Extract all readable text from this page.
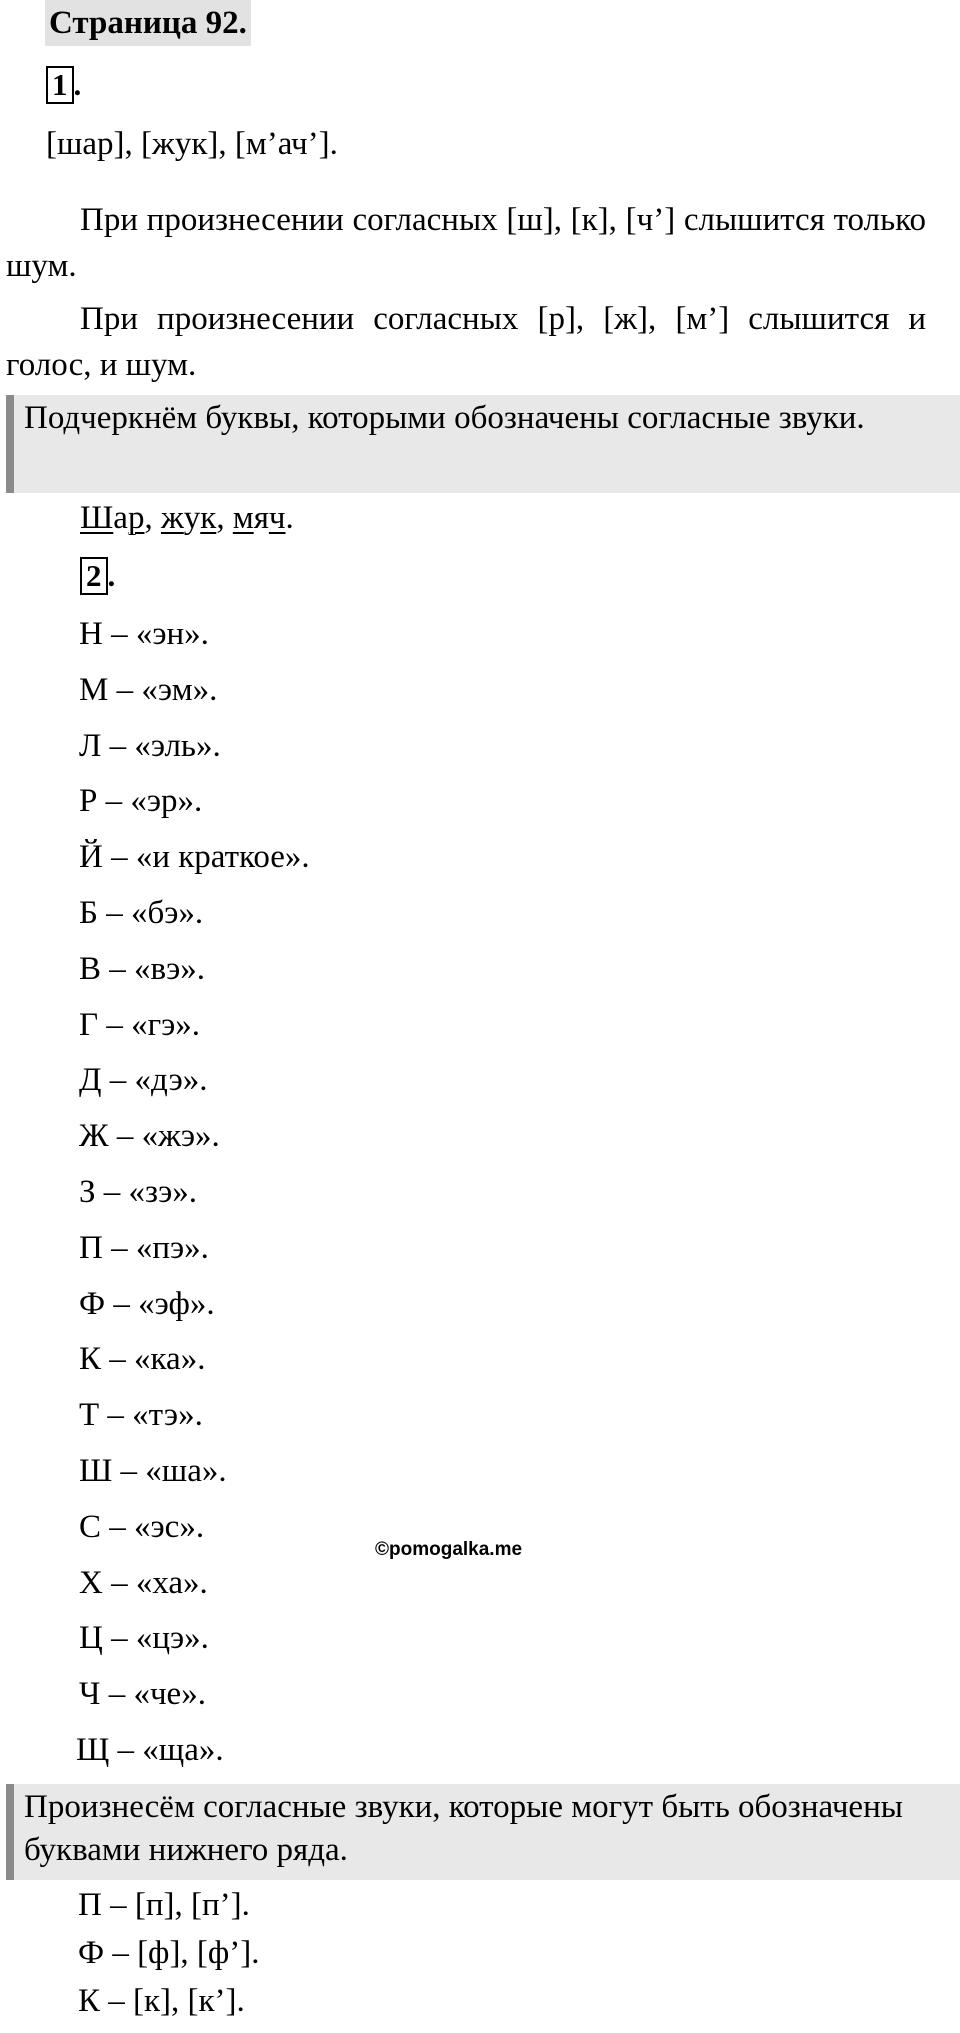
Страница 92.
1 .
[шар], [жук], [м’ач’].
При произнесении согласных [ш], [к], [ч’] слышится только шум.
При произнесении согласных [р], [ж], [м’] слышится и голос, и шум.
Подчеркнём буквы, которыми обозначены согласные звуки.
Шар, жук, мяч.
2 .
Н – «эн».
М – «эм».
Л – «эль».
Р – «эр».
Й – «и краткое».
Б – «бэ».
В – «вэ».
Г – «гэ».
Д – «дэ».
Ж – «жэ».
З – «зэ».
П – «пэ».
Ф – «эф».
К – «ка».
Т – «тэ».
Ш – «ша».
С – «эс».
Х – «ха».
Ц – «цэ».
Ч – «че».
Щ – «ща».
©pomogalka.me
Произнесём согласные звуки, которые могут быть обозначены буквами нижнего ряда.
П – [п], [п’].
Ф – [ф], [ф’].
К – [к], [к’].
